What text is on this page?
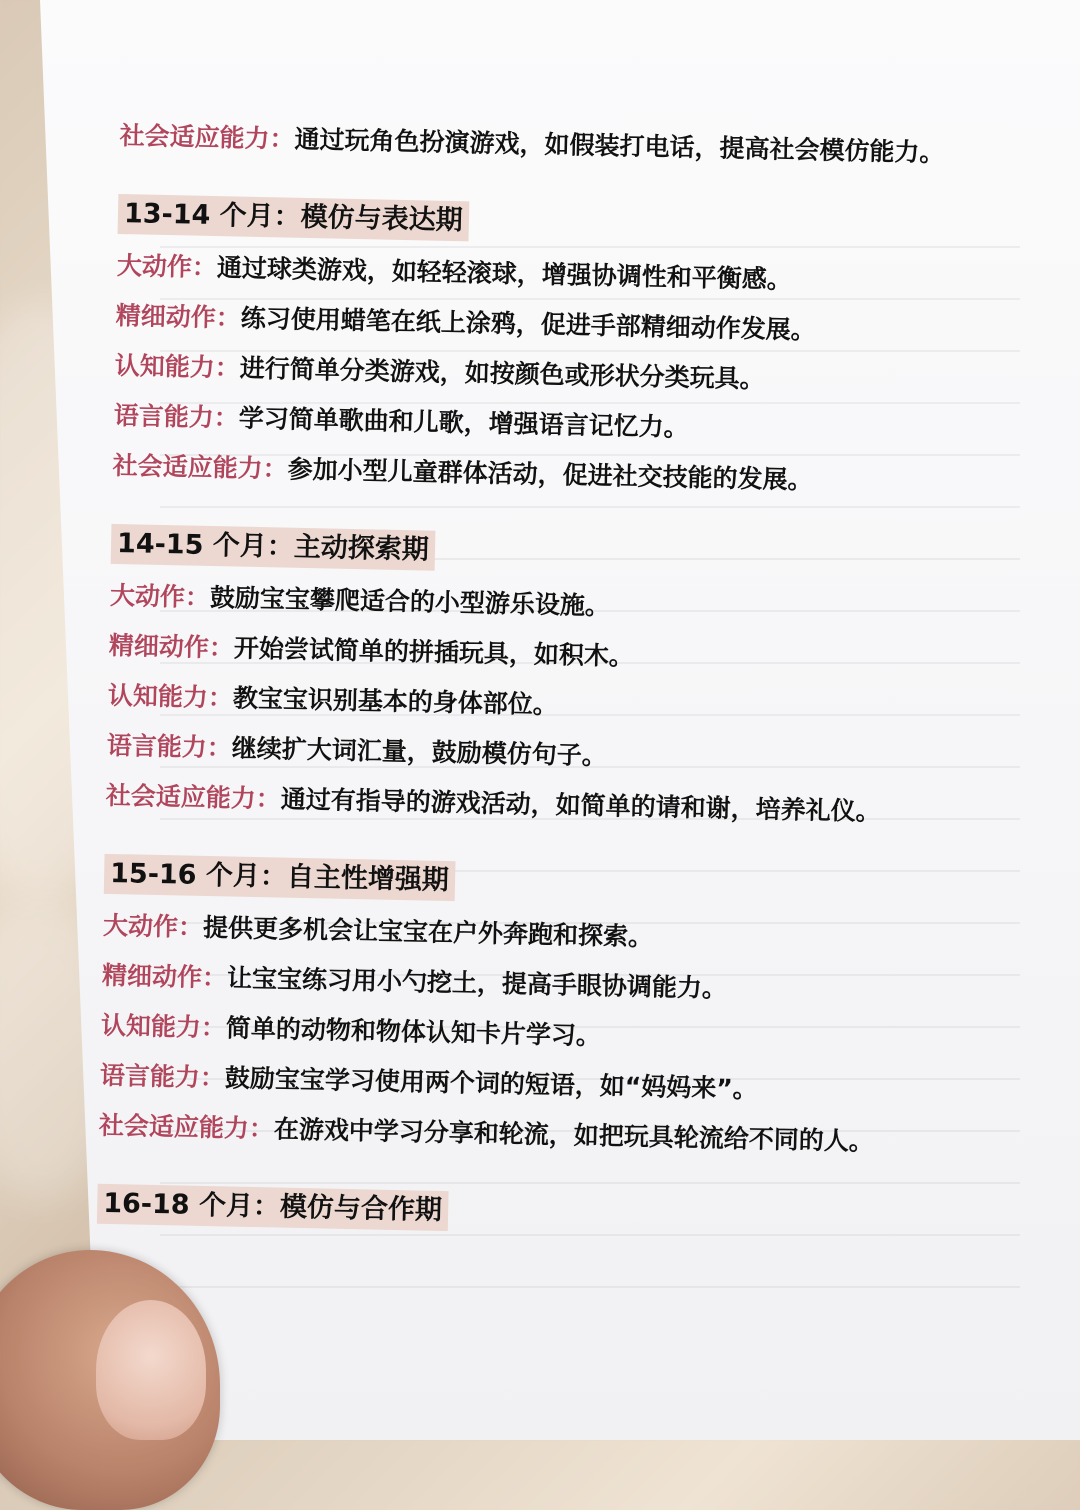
社会适应能力：通过玩角色扮演游戏，如假装打电话，提高社会模仿能力。

13-14 个月：模仿与表达期

大动作：通过球类游戏，如轻轻滚球，增强协调性和平衡感。

精细动作：练习使用蜡笔在纸上涂鸦，促进手部精细动作发展。

认知能力：进行简单分类游戏，如按颜色或形状分类玩具。

语言能力：学习简单歌曲和儿歌，增强语言记忆力。

社会适应能力：参加小型儿童群体活动，促进社交技能的发展。

14-15 个月：主动探索期

大动作：鼓励宝宝攀爬适合的小型游乐设施。

精细动作：开始尝试简单的拼插玩具，如积木。

认知能力：教宝宝识别基本的身体部位。

语言能力：继续扩大词汇量，鼓励模仿句子。

社会适应能力：通过有指导的游戏活动，如简单的请和谢，培养礼仪。

15-16 个月：自主性增强期

大动作：提供更多机会让宝宝在户外奔跑和探索。

精细动作：让宝宝练习用小勺挖土，提高手眼协调能力。

认知能力：简单的动物和物体认知卡片学习。

语言能力：鼓励宝宝学习使用两个词的短语，如“妈妈来”。

社会适应能力：在游戏中学习分享和轮流，如把玩具轮流给不同的人。

16-18 个月：模仿与合作期
